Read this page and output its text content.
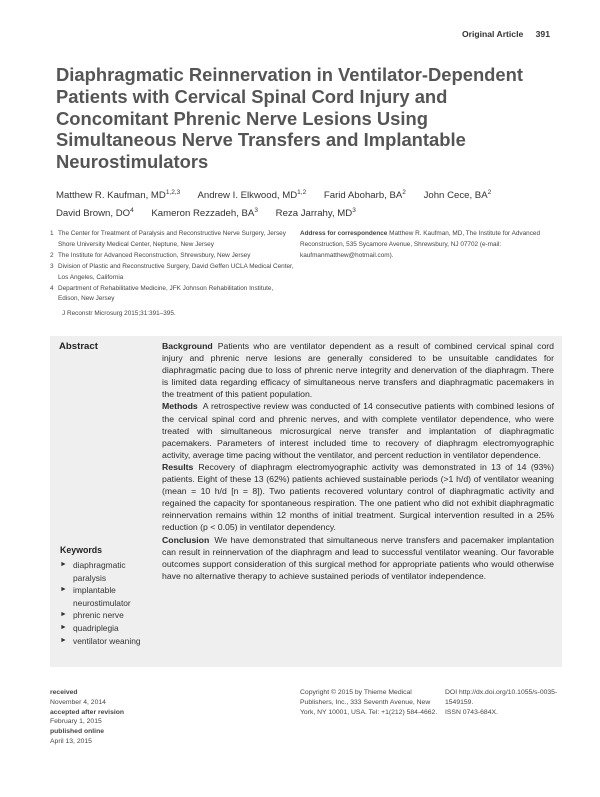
Original Article 391
Diaphragmatic Reinnervation in Ventilator-Dependent Patients with Cervical Spinal Cord Injury and Concomitant Phrenic Nerve Lesions Using Simultaneous Nerve Transfers and Implantable Neurostimulators
Matthew R. Kaufman, MD$^{1,2,3}$ Andrew I. Elkwood, MD$^{1,2}$ Farid Aboharb, $BA^2$ John Cece, $BA^2$
David Brown, $DO^4$ Kameron Rezzadeh, $BA^3$ Reza Jarrahy, $MD^3$
1 The Center for Treatment of Paralysis and Reconstructive Nerve Surgery, Jersey Shore University Medical Center, Neptune, New Jersey
2 The Institute for Advanced Reconstruction, Shrewsbury, New Jersey
3 Division of Plastic and Reconstructive Surgery, David Geffen UCLA Medical Center, Los Angeles, California
4 Department of Rehabilitative Medicine, JFK Johnson Rehabilitation Institute, Edison, New Jersey
Address for correspondence Matthew R. Kaufman, MD, The Institute for Advanced Reconstruction, 535 Sycamore Avenue, Shrewsbury, NJ 07702 (e-mail: kaufmanmatthew@hotmail.com).
J Reconstr Microsurg 2015;31:391–395.
Abstract
Keywords
► diaphragmatic paralysis
► implantable neurostimulator
► phrenic nerve
► quadriplegia
► ventilator weaning

Background Patients who are ventilator dependent as a result of combined cervical spinal cord injury and phrenic nerve lesions are generally considered to be unsuitable candidates for diaphragmatic pacing due to loss of phrenic nerve integrity and denervation of the diaphragm. There is limited data regarding efficacy of simultaneous nerve transfers and diaphragmatic pacemakers in the treatment of this patient population.

Methods A retrospective review was conducted of 14 consecutive patients with combined lesions of the cervical spinal cord and phrenic nerves, and with complete ventilator dependence, who were treated with simultaneous microsurgical nerve transfer and implantation of diaphragmatic pacemakers. Parameters of interest included time to recovery of diaphragm electromyographic activity, average time pacing without the ventilator, and percent reduction in ventilator dependence.

Results Recovery of diaphragm electromyographic activity was demonstrated in 13 of 14 (93%) patients. Eight of these 13 (62%) patients achieved sustainable periods (>1 h/d) of ventilator weaning (mean = 10 h/d [n = 8]). Two patients recovered voluntary control of diaphragmatic activity and regained the capacity for spontaneous respiration. The one patient who did not exhibit diaphragmatic reinnervation remains within 12 months of initial treatment. Surgical intervention resulted in a 25% reduction (p < 0.05) in ventilator dependency.

Conclusion We have demonstrated that simultaneous nerve transfers and pacemaker implantation can result in reinnervation of the diaphragm and lead to successful ventilator weaning. Our favorable outcomes support consideration of this surgical method for appropriate patients who would otherwise have no alternative therapy to achieve sustained periods of ventilator independence.

received
November 4, 2014
accepted after revision
February 1, 2015
published online
April 13, 2015
Copyright © 2015 by Thieme Medical Publishers, Inc., 333 Seventh Avenue, New York, NY 10001, USA. Tel: +1(212) 584-4662.
DOI http://dx.doi.org/10.1055/s-0035-1549159.
ISSN 0743-684X.
